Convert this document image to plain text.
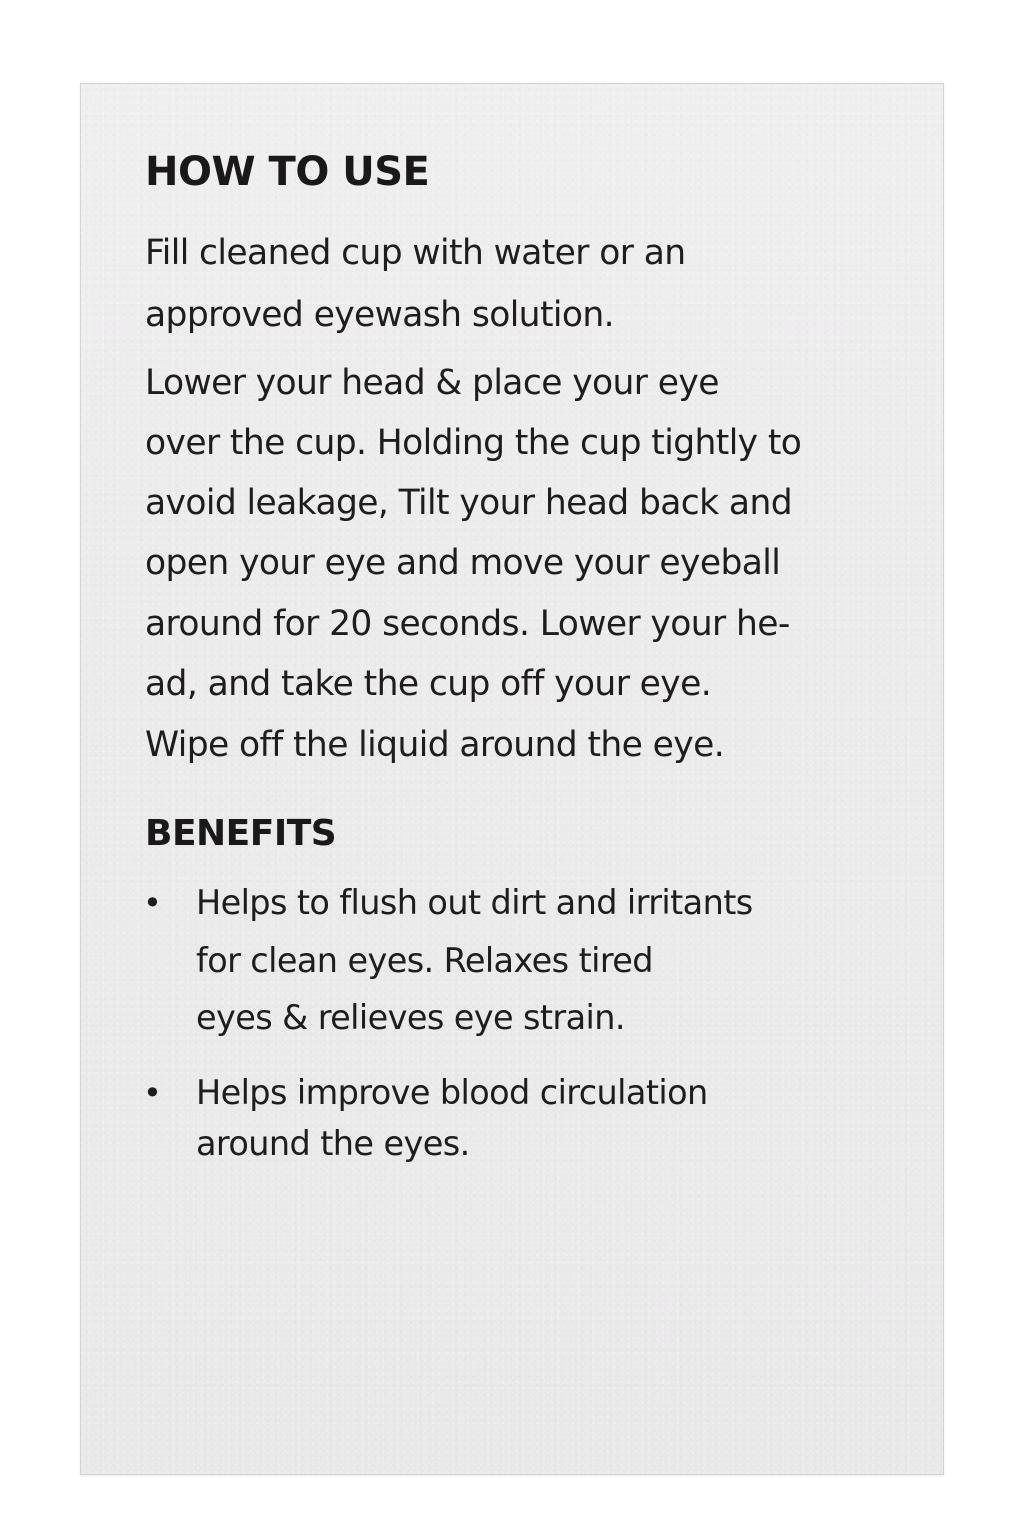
HOW TO USE

Fill cleaned cup with water or an

approved eyewash solution.

Lower your head & place your eye

over the cup. Holding the cup tightly to

avoid leakage, Tilt your head back and

open your eye and move your eyeball

around for 20 seconds. Lower your he-

ad, and take the cup off your eye.

Wipe off the liquid around the eye.

BENEFITS
• Helps to flush out dirt and irritants

for clean eyes. Relaxes tired

eyes & relieves eye strain.

• Helps improve blood circulation

around the eyes.
